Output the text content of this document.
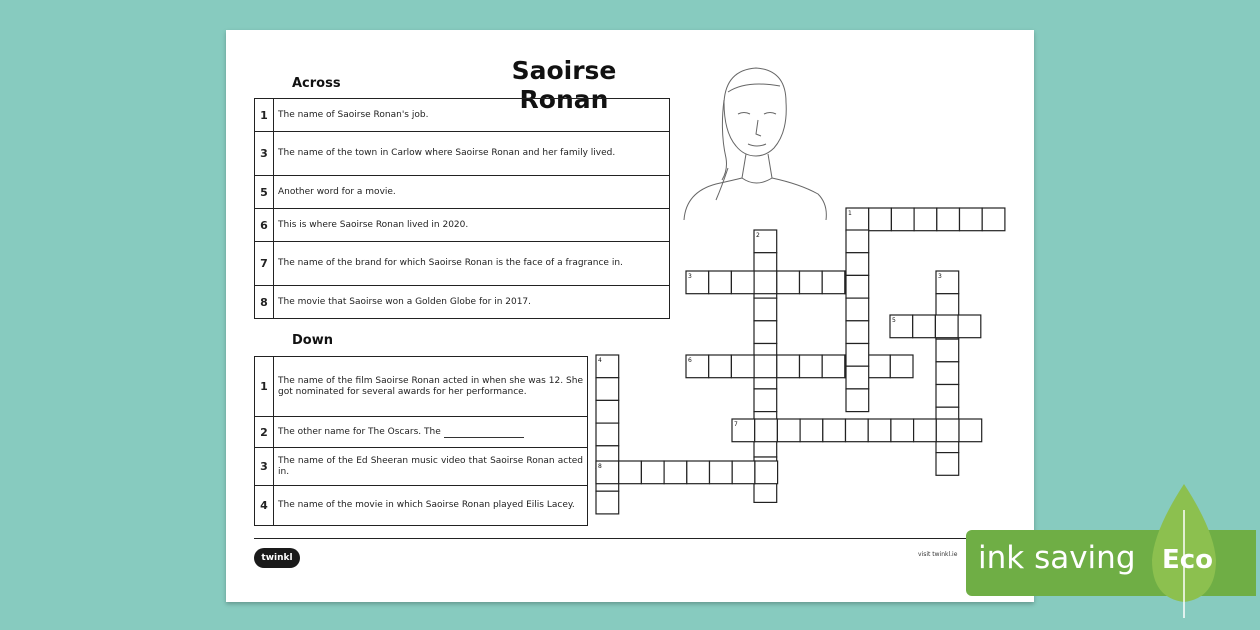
Saoirse Ronan
Across
1	The name of Saoirse Ronan's job.
3	The name of the town in Carlow where Saoirse Ronan and her family lived.
5	Another word for a movie.
6	This is where Saoirse Ronan lived in 2020.
7	The name of the brand for which Saoirse Ronan is the face of a fragrance in.
8	The movie that Saoirse won a Golden Globe for in 2017.
Down
1	The name of the film Saoirse Ronan acted in when she was 12. She got nominated for several awards for her performance.
2	The other name for The Oscars. The
3	The name of the Ed Sheeran music video that Saoirse Ronan acted in.
4	The name of the movie in which Saoirse Ronan played Eilis Lacey.
1
2
3	3
5
4	6
7
8
twinkl	visit twinkl.ie ink saving Eco
